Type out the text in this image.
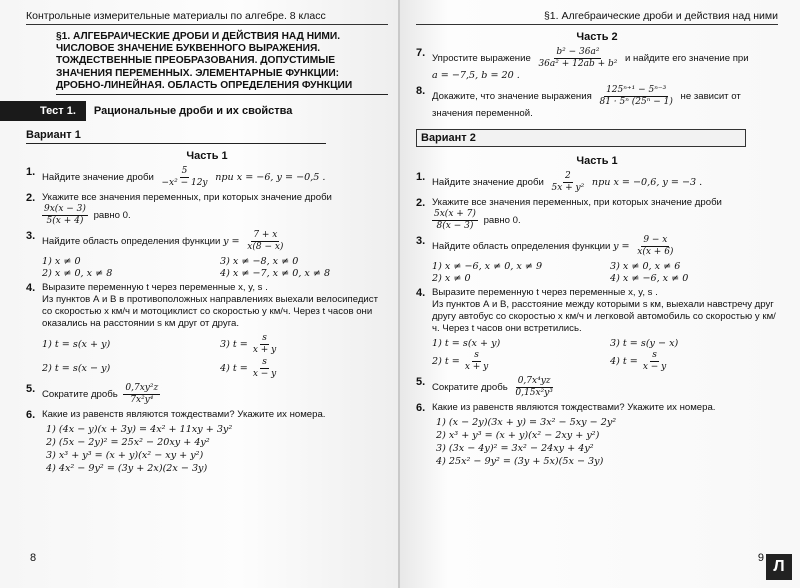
Контрольные измерительные материалы по алгебре. 8 класс
§1. АЛГЕБРАИЧЕСКИЕ ДРОБИ И ДЕЙСТВИЯ НАД НИМИ. ЧИСЛОВОЕ ЗНАЧЕНИЕ БУКВЕННОГО ВЫРАЖЕНИЯ. ТОЖДЕСТВЕННЫЕ ПРЕОБРАЗОВАНИЯ. ДОПУСТИМЫЕ ЗНАЧЕНИЯ ПЕРЕМЕННЫХ. ЭЛЕМЕНТАРНЫЕ ФУНКЦИИ: ДРОБНО-ЛИНЕЙНАЯ. ОБЛАСТЬ ОПРЕДЕЛЕНИЯ ФУНКЦИИ
Тест 1.	Рациональные дроби и их свойства
Вариант 1
Часть 1
1. Найдите значение дроби $\frac{5}{\text{−x² − 12y}}$ при x = −6, y = −0,5 .
2. Укажите все значения переменных, при которых значение дроби

$\frac{9x(x - 3)}{5(x + 4)}$ равно 0.
3. Найдите область определения функции $y = \frac{7 + x}{x(8 - x)}$
1) x ≠ 0	3) x ≠ −8, x ≠ 0
2) x ≠ 0, x ≠ 8	4) x ≠ −7, x ≠ 0, x ≠ 8
4. Выразите переменную t через переменные x, y, s .
Из пунктов А и В в противоположных направлениях выехали велосипедист со скоростью x км/ч и мотоциклист со скоростью y км/ч. Через t часов они оказались на расстоянии s км друг от друга.
1) t = s(x + y)	3) $t = \frac{s}{x + y}$
2) t = s(x − y)	4) $t = \frac{s}{x - y}$
5. Сократите дробь $\frac{\text{0,7xy²z}}{\text{7x²y⁴}}$
6. Какие из равенств являются тождествами? Укажите их номера.
1) (4x − y)(x + 3y) = 4x² + 11xy + 3y²
2) (5x − 2y)² = 25x² − 20xy + 4y²
3) x³ + y³ = (x + y)(x² − xy + y²)
4) 4x² − 9y² = (3y + 2x)(2x − 3y)
8
§1. Алгебраические дроби и действия над ними
Часть 2
7. Упростите выражение $\frac{\text{b² − 36a²}}{\text{36a² + 12ab + b²}}$ и найдите его значение при
a = −7,5, b = 20 .
8. Докажите, что значение выражения $\frac{\text{125ⁿ⁺¹ − 5ⁿ⁻³}}{\text{81 · 5ⁿ (25ⁿ − 1)}}$ не зависит от
значения переменной.
Вариант 2
Часть 1
1. Найдите значение дроби $\frac{2}{\text{5x + y²}}$ при x = −0,6, y = −3 .
2. Укажите все значения переменных, при которых значение дроби

$\frac{5x(x + 7)}{8(x - 3)}$ равно 0.
3. Найдите область определения функции $y = \frac{9 - x}{x(x + 6)}$
1) x ≠ −6, x ≠ 0, x ≠ 9	3) x ≠ 0, x ≠ 6
2) x ≠ 0	4) x ≠ −6, x ≠ 0
4. Выразите переменную t через переменные x, y, s .
Из пунктов А и В, расстояние между которыми s км, выехали навстречу друг другу автобус со скоростью x км/ч и легковой автомобиль со скоростью y км/ч. Через t часов они встретились.
1) t = s(x + y)	3) t = s(y − x)
2) $t = \frac{s}{x + y}$	4) $t = \frac{s}{x - y}$
5. Сократите дробь $\frac{\text{0,7x⁴yz}}{\text{0,15x²y³}}$
6. Какие из равенств являются тождествами? Укажите их номера.
1) (x − 2y)(3x + y) = 3x² − 5xy − 2y²
2) x³ + y³ = (x + y)(x² − 2xy + y²)
3) (3x − 4y)² = 3x² − 24xy + 4y²
4) 25x² − 9y² = (3y + 5x)(5x − 3y)
9 Л
